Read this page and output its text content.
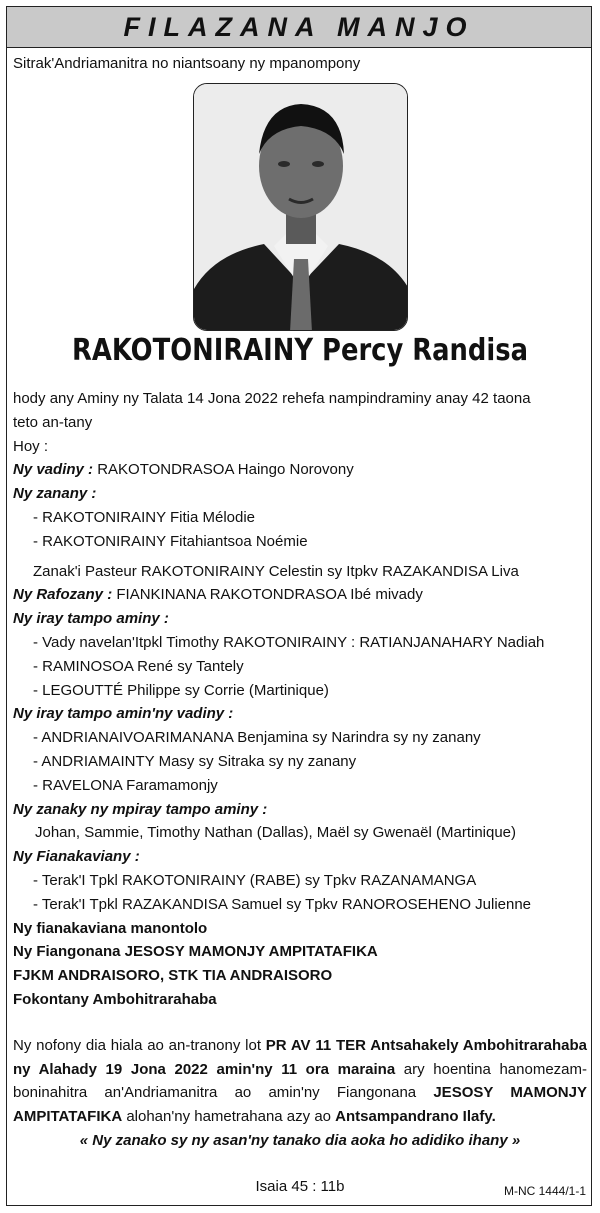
FILAZANA MANJO
Sitrak'Andriamanitra no niantsoany ny mpanompony
RAKOTONIRAINY Percy Randisa
hody any Aminy ny Talata 14 Jona 2022 rehefa nampindraminy anay 42 taona
teto an-tany
Hoy :
Ny vadiny : RAKOTONDRASOA Haingo Norovony
Ny zanany :
- RAKOTONIRAINY Fitia Mélodie
- RAKOTONIRAINY Fitahiantsoa Noémie
Zanak'i Pasteur RAKOTONIRAINY Celestin sy Itpkv RAZAKANDISA Liva
Ny Rafozany : FIANKINANA RAKOTONDRASOA Ibé mivady
Ny iray tampo aminy :
- Vady navelan'Itpkl Timothy RAKOTONIRAINY : RATIANJANAHARY Nadiah
- RAMINOSOA René sy Tantely
- LEGOUTTÉ Philippe sy Corrie (Martinique)
Ny iray tampo amin'ny vadiny :
- ANDRIANAIVOARIMANANA Benjamina sy Narindra sy ny zanany
- ANDRIAMAINTY Masy sy Sitraka sy ny zanany
- RAVELONA Faramamonjy
Ny zanaky ny mpiray tampo aminy :
Johan, Sammie, Timothy Nathan (Dallas), Maël sy Gwenaël (Martinique)
Ny Fianakaviany :
- Terak'I Tpkl RAKOTONIRAINY (RABE) sy Tpkv RAZANAMANGA
- Terak'I Tpkl RAZAKANDISA Samuel sy Tpkv RANOROSEHENO Julienne
Ny fianakaviana manontolo
Ny Fiangonana JESOSY MAMONJY AMPITATAFIKA
FJKM ANDRAISORO, STK TIA ANDRAISORO
Fokontany Ambohitrarahaba
Ny nofony dia hiala ao an-tranony lot PR AV 11 TER Antsahakely Ambohitrarahaba ny Alahady 19 Jona 2022 amin'ny 11 ora maraina ary hoentina hanomezam-boninahitra an'Andriamanitra ao amin'ny Fiangonana JESOSY MAMONJY AMPITATAFIKA alohan'ny hametrahana azy ao Antsampandrano Ilafy.
« Ny zanako sy ny asan'ny tanako dia aoka ho adidiko ihany »
Isaia 45 : 11b	M-NC 1444/1-1
